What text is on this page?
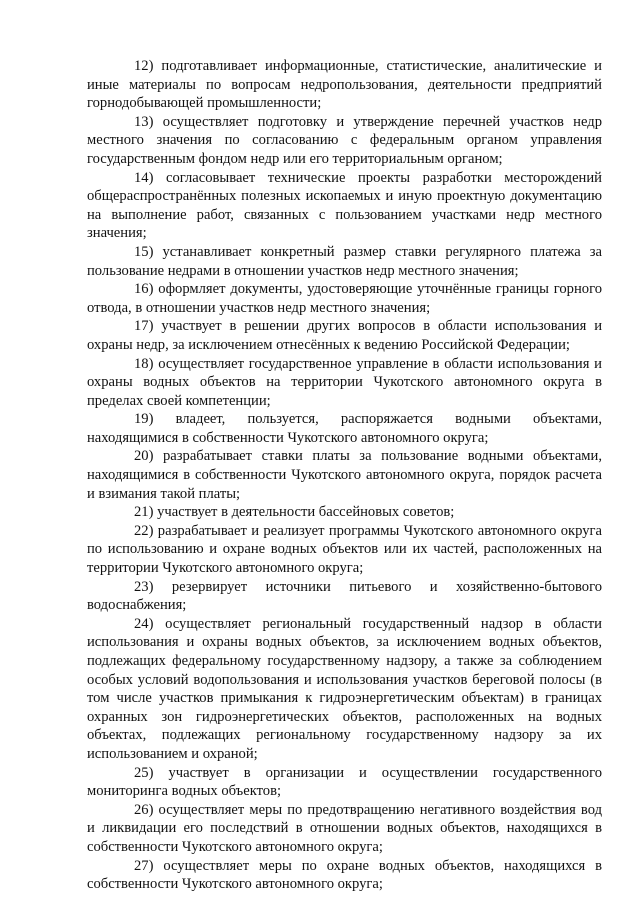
12) подготавливает информационные, статистические, аналитические и иные материалы по вопросам недропользования, деятельности предприятий горнодобывающей промышленности;

13) осуществляет подготовку и утверждение перечней участков недр местного значения по согласованию с федеральным органом управления государственным фондом недр или его территориальным органом;

14) согласовывает технические проекты разработки месторождений общераспространённых полезных ископаемых и иную проектную документацию на выполнение работ, связанных с пользованием участками недр местного значения;

15) устанавливает конкретный размер ставки регулярного платежа за пользование недрами в отношении участков недр местного значения;

16) оформляет документы, удостоверяющие уточнённые границы горного отвода, в отношении участков недр местного значения;

17) участвует в решении других вопросов в области использования и охраны недр, за исключением отнесённых к ведению Российской Федерации;

18) осуществляет государственное управление в области использования и охраны водных объектов на территории Чукотского автономного округа в пределах своей компетенции;

19) владеет, пользуется, распоряжается водными объектами, находящимися в собственности Чукотского автономного округа;

20) разрабатывает ставки платы за пользование водными объектами, находящимися в собственности Чукотского автономного округа, порядок расчета и взимания такой платы;

21) участвует в деятельности бассейновых советов;

22) разрабатывает и реализует программы Чукотского автономного округа по использованию и охране водных объектов или их частей, расположенных на территории Чукотского автономного округа;

23) резервирует источники питьевого и хозяйственно-бытового водоснабжения;

24) осуществляет региональный государственный надзор в области использования и охраны водных объектов, за исключением водных объектов, подлежащих федеральному государственному надзору, а также за соблюдением особых условий водопользования и использования участков береговой полосы (в том числе участков примыкания к гидроэнергетическим объектам) в границах охранных зон гидроэнергетических объектов, расположенных на водных объектах, подлежащих региональному государственному надзору за их использованием и охраной;

25) участвует в организации и осуществлении государственного мониторинга водных объектов;

26) осуществляет меры по предотвращению негативного воздействия вод и ликвидации его последствий в отношении водных объектов, находящихся в собственности Чукотского автономного округа;

27) осуществляет меры по охране водных объектов, находящихся в собственности Чукотского автономного округа;
